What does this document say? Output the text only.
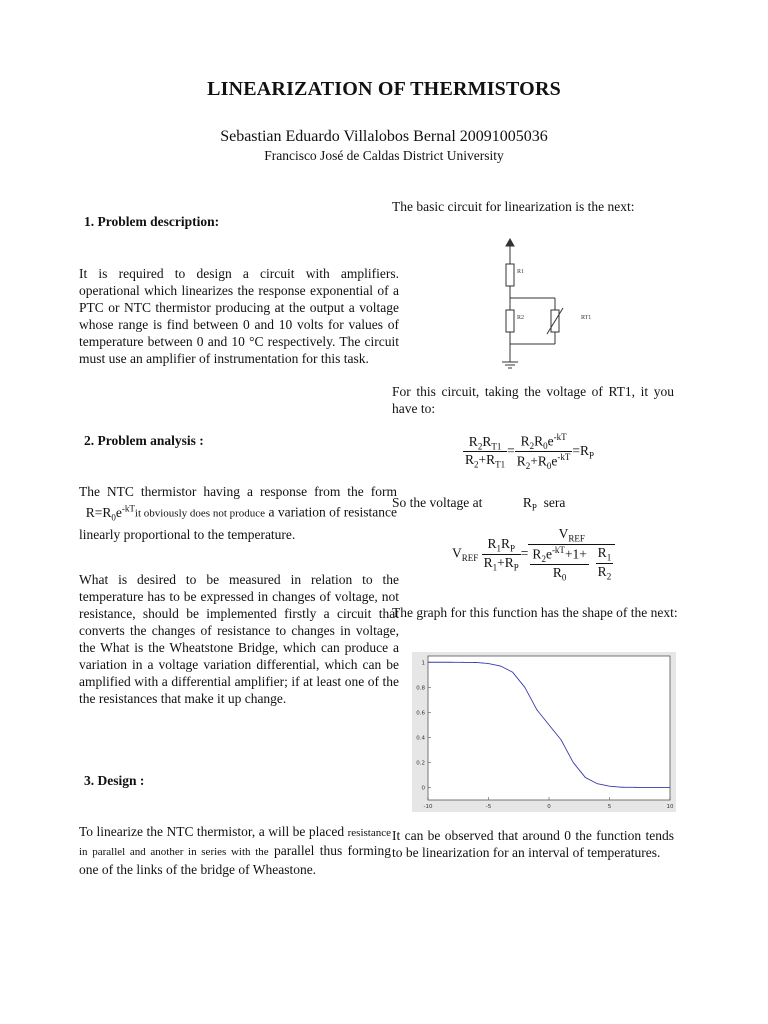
LINEARIZATION OF THERMISTORS
Sebastian Eduardo Villalobos Bernal 20091005036
Francisco José de Caldas District University
1. Problem description:
It is required to design a circuit with amplifiers. operational which linearizes the response exponential of a PTC or NTC thermistor producing at the output a voltage whose range is find between 0 and 10 volts for values of temperature between 0 and 10 °C respectively. The circuit must use an amplifier of instrumentation for this task.
2. Problem analysis :
The NTC thermistor having a response from the form   $R=R_0e^{-kT}it$ obviously does not produce a variation of resistance linearly proportional to the temperature.
What is desired to be measured in relation to the temperature has to be expressed in changes of voltage, not resistance, should be implemented firstly a circuit that converts the changes of resistance to changes in voltage, the What is the Wheatstone Bridge, which can produce a variation in a voltage variation differential, which can be amplified with a differential amplifier; if at least one of the the resistances that make it up change.
3. Design :
To linearize the NTC thermistor, a will be placed resistance in parallel and another in series with the parallel thus forming one of the links of the bridge of Wheastone.
The basic circuit for linearization is the next:
R1
R2	RT1
For this circuit, taking the voltage of RT1, it you have to:
$\frac{R_2R_{T1}}{R_2+R_{T1}} = \frac{R_2R_0e^{-kT}}{R_2+R_0e^{-kT}} =R_P$
So the voltage at            $R_P$ sera
$V_{REF} \frac{R_1R_P}{R_1+R_P} = V_{REF}$
$\frac{R_2e^{-kT}+1+}{R_0}$
$\frac{R_1}{R_2}$
The graph for this function has the shape of the next:
0
0.2
0.4
0.6
0.8
1
-10	-5	0	5	10
It can be observed that around 0 the function tends to be linearization for an interval of temperatures.
